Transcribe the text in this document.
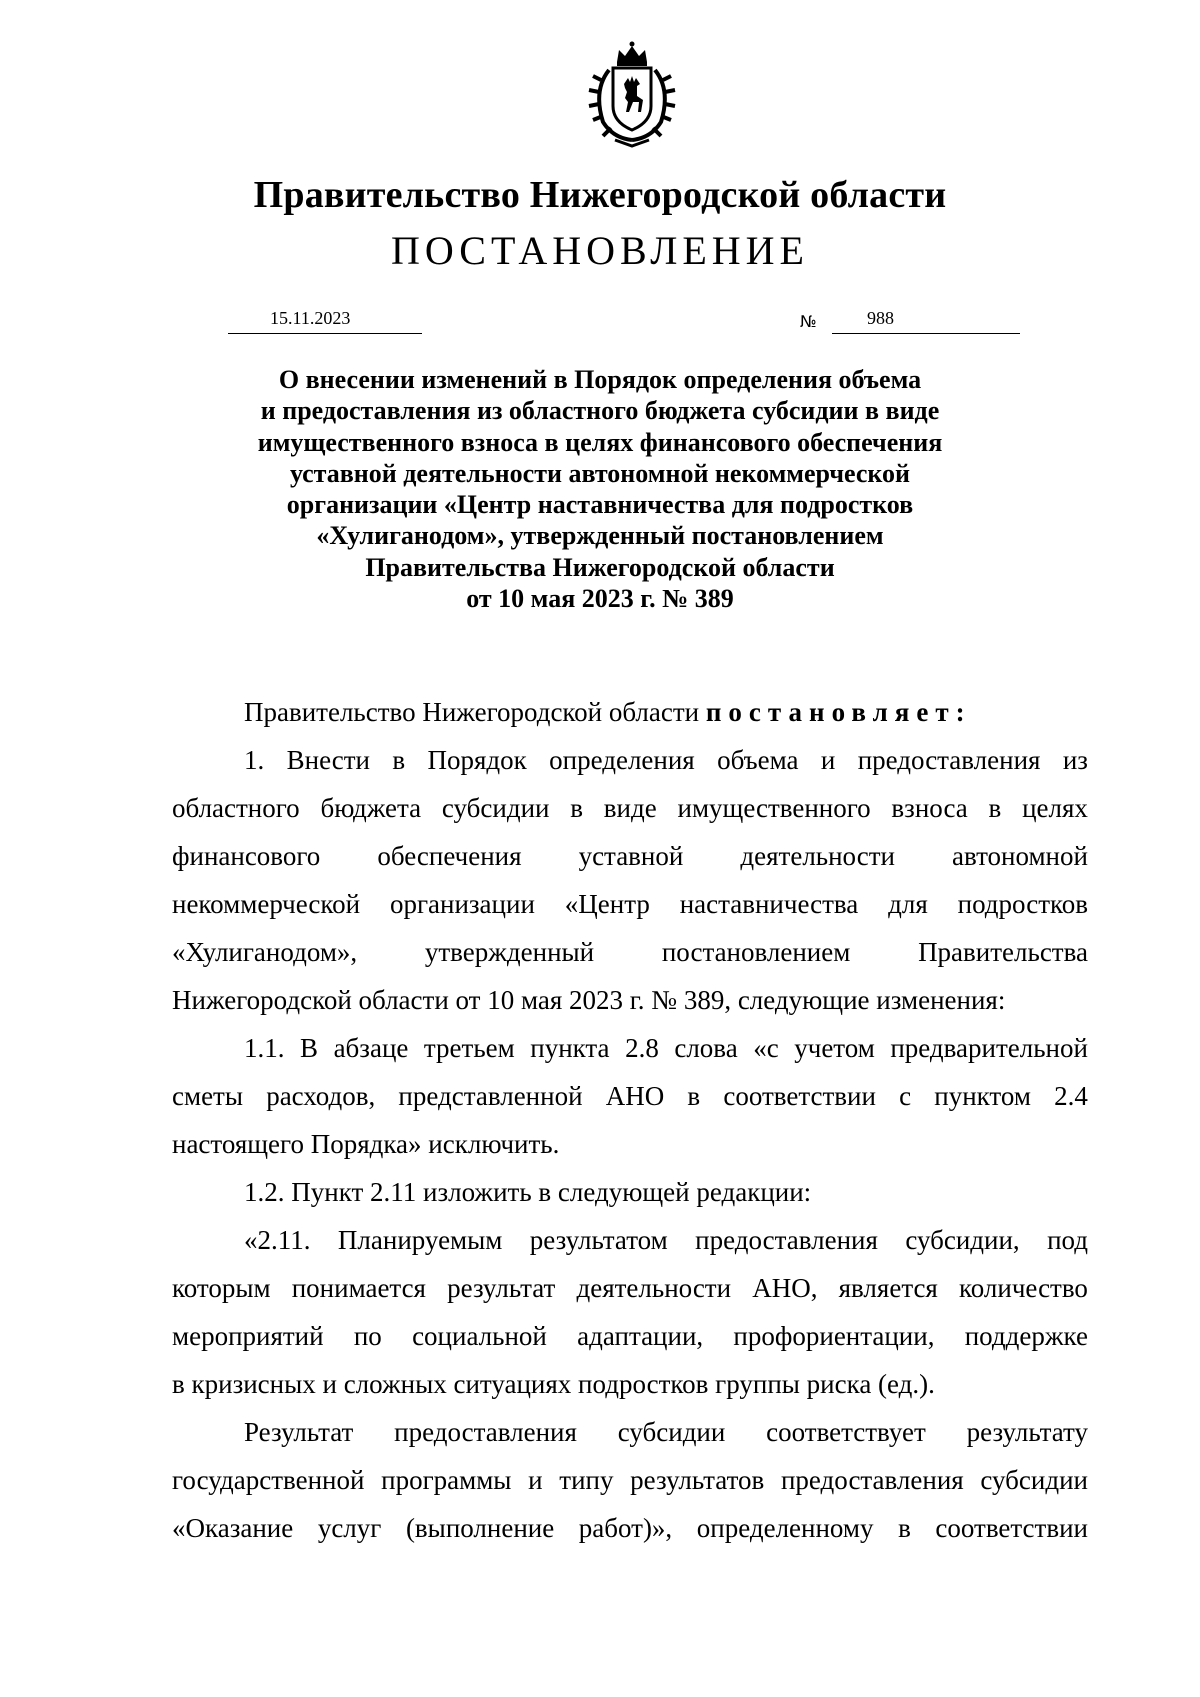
Правительство Нижегородской области
ПОСТАНОВЛЕНИЕ
15.11.2023	№	988
О внесении изменений в Порядок определения объема
и предоставления из областного бюджета субсидии в виде
имущественного взноса в целях финансового обеспечения
уставной деятельности автономной некоммерческой
организации «Центр наставничества для подростков
«Хулиганодом», утвержденный постановлением
Правительства Нижегородской области
от 10 мая 2023 г. № 389
Правительство Нижегородской области
постановляет:
1. Внести в Порядок определения объема и предоставления из
областного бюджета субсидии в виде имущественного взноса в целях
финансового обеспечения уставной деятельности автономной
некоммерческой организации «Центр наставничества для подростков
«Хулиганодом»,	утвержденный	постановлением	Правительства
Нижегородской области от 10 мая 2023 г. № 389, следующие изменения:
1.1. В абзаце третьем пункта 2.8 слова «с учетом предварительной
сметы расходов, представленной АНО в соответствии с пунктом 2.4
настоящего Порядка» исключить.
1.2. Пункт 2.11 изложить в следующей редакции:
«2.11. Планируемым результатом предоставления субсидии, под
которым понимается результат деятельности АНО, является количество
мероприятий по социальной адаптации, профориентации, поддержке
в кризисных и сложных ситуациях подростков группы риска (ед.).
Результат предоставления субсидии соответствует результату
государственной программы и типу результатов предоставления субсидии
«Оказание услуг (выполнение работ)», определенному в соответствии
